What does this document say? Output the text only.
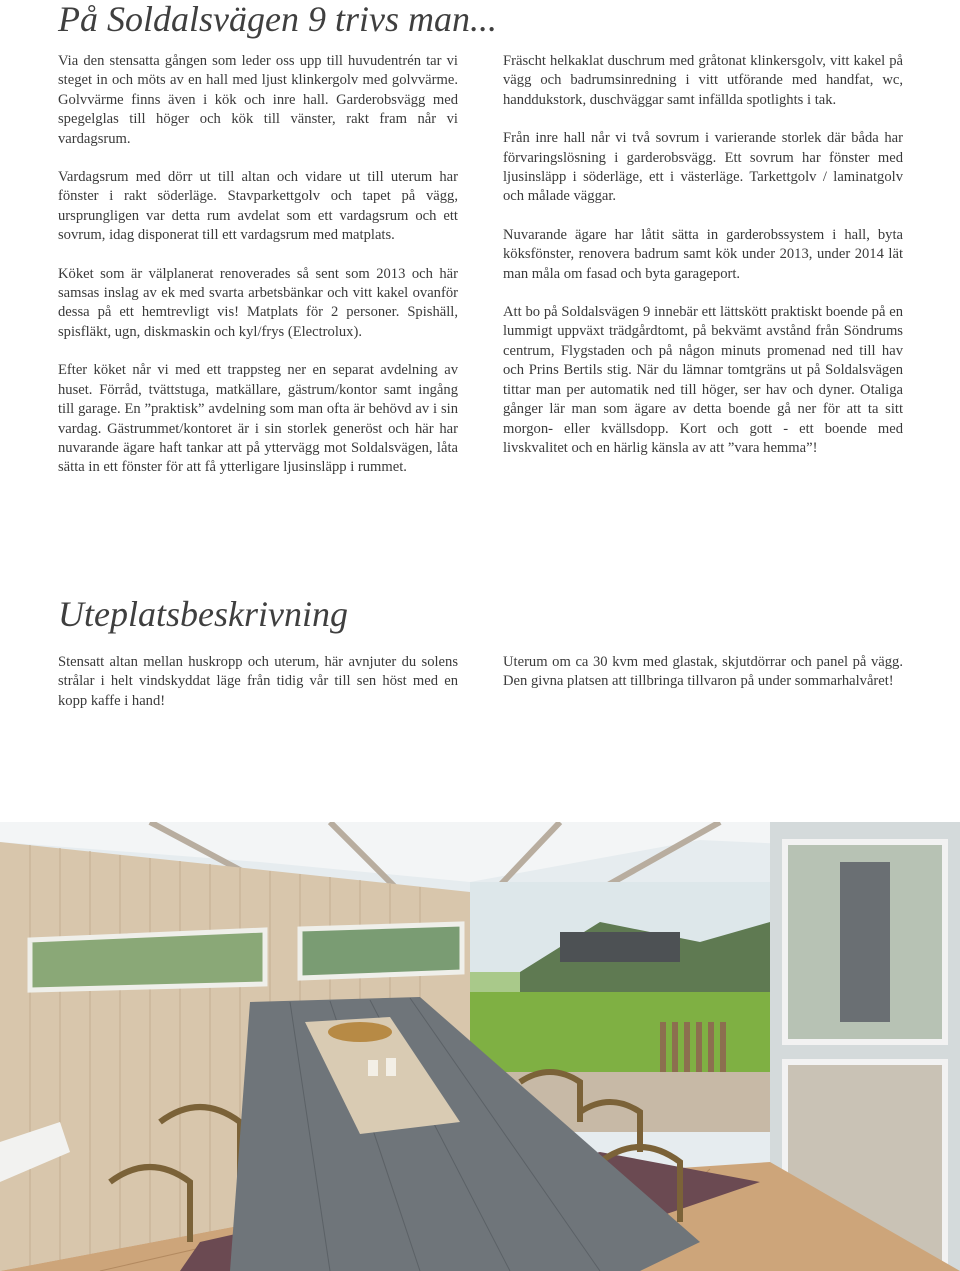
På Soldalsvägen 9 trivs man...

Via den stensatta gången som leder oss upp till huvudentrén tar vi steget in och möts av en hall med ljust klinkergolv med golvvärme. Golvvärme finns även i kök och inre hall. Garderobsvägg med spegelglas till höger och kök till vänster, rakt fram når vi vardagsrum.

Vardagsrum med dörr ut till altan och vidare ut till uterum har fönster i rakt söderläge. Stavparkettgolv och tapet på vägg, ursprungligen var detta rum avdelat som ett vardagsrum och ett sovrum, idag disponerat till ett vardagsrum med matplats.

Köket som är välplanerat renoverades så sent som 2013 och här samsas inslag av ek med svarta arbetsbänkar och vitt kakel ovanför dessa på ett hemtrevligt vis! Matplats för 2 personer. Spishäll, spisfläkt, ugn, diskmaskin och kyl/frys (Electrolux).

Efter köket når vi med ett trappsteg ner en separat avdelning av huset. Förråd, tvättstuga, matkällare, gästrum/kontor samt ingång till garage. En ”praktisk” avdelning som man ofta är behövd av i sin vardag. Gästrummet/kontoret är i sin storlek generöst och här har nuvarande ägare haft tankar att på yttervägg mot Soldalsvägen, låta sätta in ett fönster för att få ytterligare ljusinsläpp i rummet.

Fräscht helkaklat duschrum med gråtonat klinkersgolv, vitt kakel på vägg och badrumsinredning i vitt utförande med handfat, wc, handdukstork, duschväggar samt infällda spotlights i tak.

Från inre hall når vi två sovrum i varierande storlek där båda har förvaringslösning i garderobsvägg. Ett sovrum har fönster med ljusinsläpp i söderläge, ett i västerläge. Tarkettgolv / laminatgolv och målade väggar.

Nuvarande ägare har låtit sätta in garderobssystem i hall, byta köksfönster, renovera badrum samt kök under 2013, under 2014 lät man måla om fasad och byta garageport.

Att bo på Soldalsvägen 9 innebär ett lättskött praktiskt boende på en lummigt uppväxt trädgårdtomt, på bekvämt avstånd från Söndrums centrum, Flygstaden och på någon minuts promenad ned till hav och Prins Bertils stig. När du lämnar tomtgräns ut på Soldalsvägen tittar man per automatik ned till höger, ser hav och dyner. Otaliga gånger lär man som ägare av detta boende gå ner för att ta sitt morgon- eller kvällsdopp. Kort och gott - ett boende med livskvalitet och en härlig känsla av att ”vara hemma”!

Uteplatsbeskrivning

Stensatt altan mellan huskropp och uterum, här avnjuter du solens strålar i helt vindskyddat läge från tidig vår till sen höst med en kopp kaffe i hand!

Uterum om ca 30 kvm med glastak, skjutdörrar och panel på vägg. Den givna platsen att tillbringa tillvaron på under sommarhalvåret!
